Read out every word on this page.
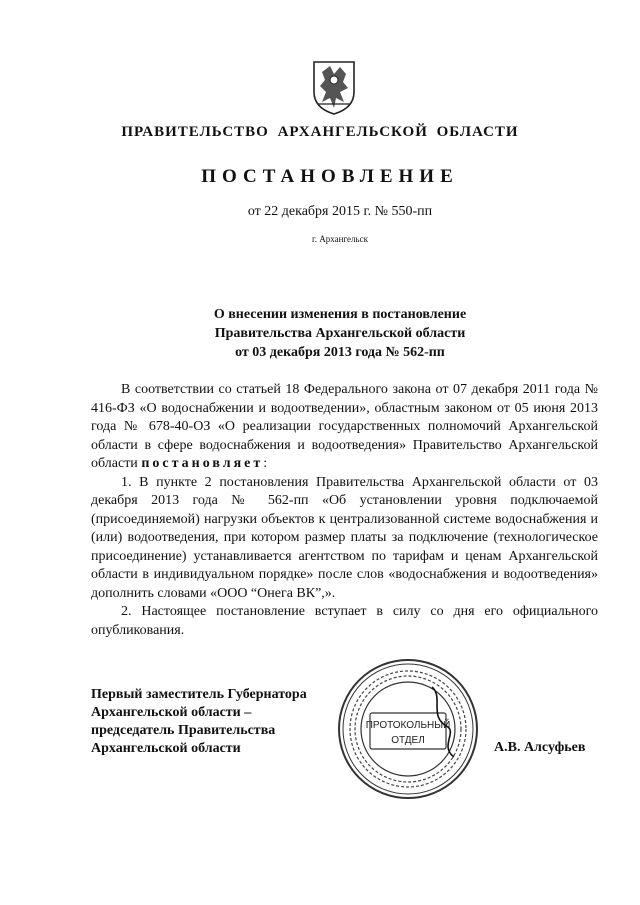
ПРАВИТЕЛЬСТВО АРХАНГЕЛЬСКОЙ ОБЛАСТИ
ПОСТАНОВЛЕНИЕ
от 22 декабря 2015 г. № 550-пп
г. Архангельск
О внесении изменения в постановление
Правительства Архангельской области
от 03 декабря 2013 года № 562-пп

В соответствии со статьей 18 Федерального закона от 07 декабря 2011 года № 416-ФЗ «О водоснабжении и водоотведении», областным законом от 05 июня 2013 года № 678-40-ОЗ «О реализации государственных полномочий Архангельской области в сфере водоснабжения и водоотведения» Правительство Архангельской области постановляет:

1. В пункте 2 постановления Правительства Архангельской области от 03 декабря 2013 года № 562-пп «Об установлении уровня подключаемой (присоединяемой) нагрузки объектов к централизованной системе водоснабжения и (или) водоотведения, при котором размер платы за подключение (технологическое присоединение) устанавливается агентством по тарифам и ценам Архангельской области в индивидуальном порядке» после слов «водоснабжения и водоотведения» дополнить словами «ООО “Онега ВК”,».

2. Настоящее постановление вступает в силу со дня его официального опубликования.

Первый заместитель Губернатора
Архангельской области –
председатель Правительства
Архангельской области	А.В. Алсуфьев
ПРОТОКОЛЬНЫЙ
ОТДЕЛ
